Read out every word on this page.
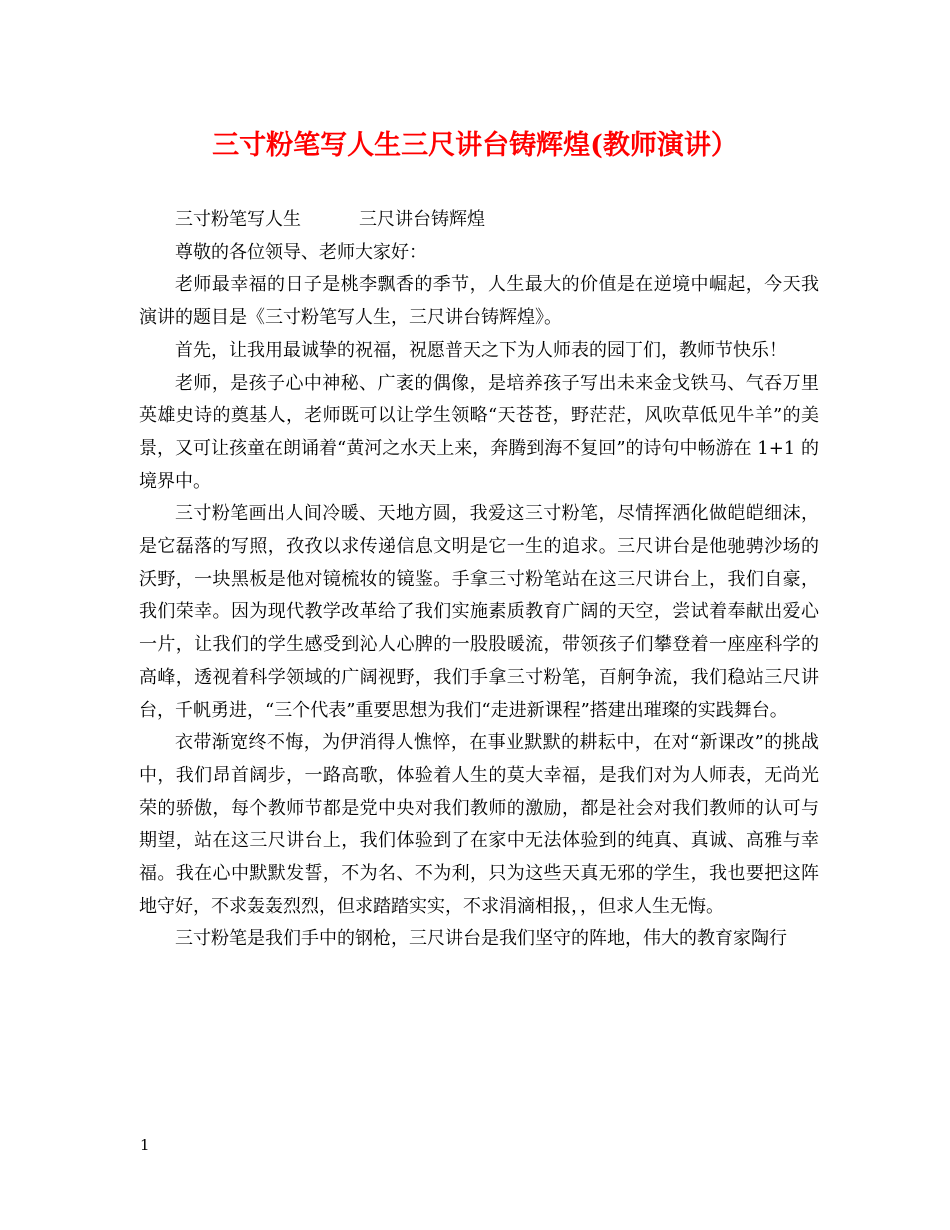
三寸粉笔写人生三尺讲台铸辉煌(教师演讲）

三寸粉笔写人生	三尺讲台铸辉煌

尊敬的各位领导、老师大家好：

老师最幸福的日子是桃李飘香的季节，人生最大的价值是在逆境中崛起，今天我演讲的题目是《三寸粉笔写人生，三尺讲台铸辉煌》。

首先，让我用最诚挚的祝福，祝愿普天之下为人师表的园丁们，教师节快乐！

老师，是孩子心中神秘、广袤的偶像，是培养孩子写出未来金戈铁马、气吞万里英雄史诗的奠基人，老师既可以让学生领略“天苍苍，野茫茫，风吹草低见牛羊”的美景，又可让孩童在朗诵着“黄河之水天上来，奔腾到海不复回”的诗句中畅游在 1+1 的境界中。

三寸粉笔画出人间冷暖、天地方圆，我爱这三寸粉笔，尽情挥洒化做皑皑细沫，是它磊落的写照，孜孜以求传递信息文明是它一生的追求。三尺讲台是他驰骋沙场的沃野，一块黑板是他对镜梳妆的镜鉴。手拿三寸粉笔站在这三尺讲台上，我们自豪，我们荣幸。因为现代教学改革给了我们实施素质教育广阔的天空，尝试着奉献出爱心一片，让我们的学生感受到沁人心脾的一股股暖流，带领孩子们攀登着一座座科学的高峰，透视着科学领域的广阔视野，我们手拿三寸粉笔，百舸争流，我们稳站三尺讲台，千帆勇进，“三个代表”重要思想为我们“走进新课程”搭建出璀璨的实践舞台。

衣带渐宽终不悔，为伊消得人憔悴，在事业默默的耕耘中，在对“新课改”的挑战中，我们昂首阔步，一路高歌，体验着人生的莫大幸福，是我们对为人师表，无尚光荣的骄傲，每个教师节都是党中央对我们教师的激励，都是社会对我们教师的认可与期望，站在这三尺讲台上，我们体验到了在家中无法体验到的纯真、真诚、高雅与幸福。我在心中默默发誓，不为名、不为利，只为这些天真无邪的学生，我也要把这阵地守好，不求轰轰烈烈，但求踏踏实实，不求涓滴相报，，但求人生无悔。

三寸粉笔是我们手中的钢枪，三尺讲台是我们坚守的阵地，伟大的教育家陶行

1
